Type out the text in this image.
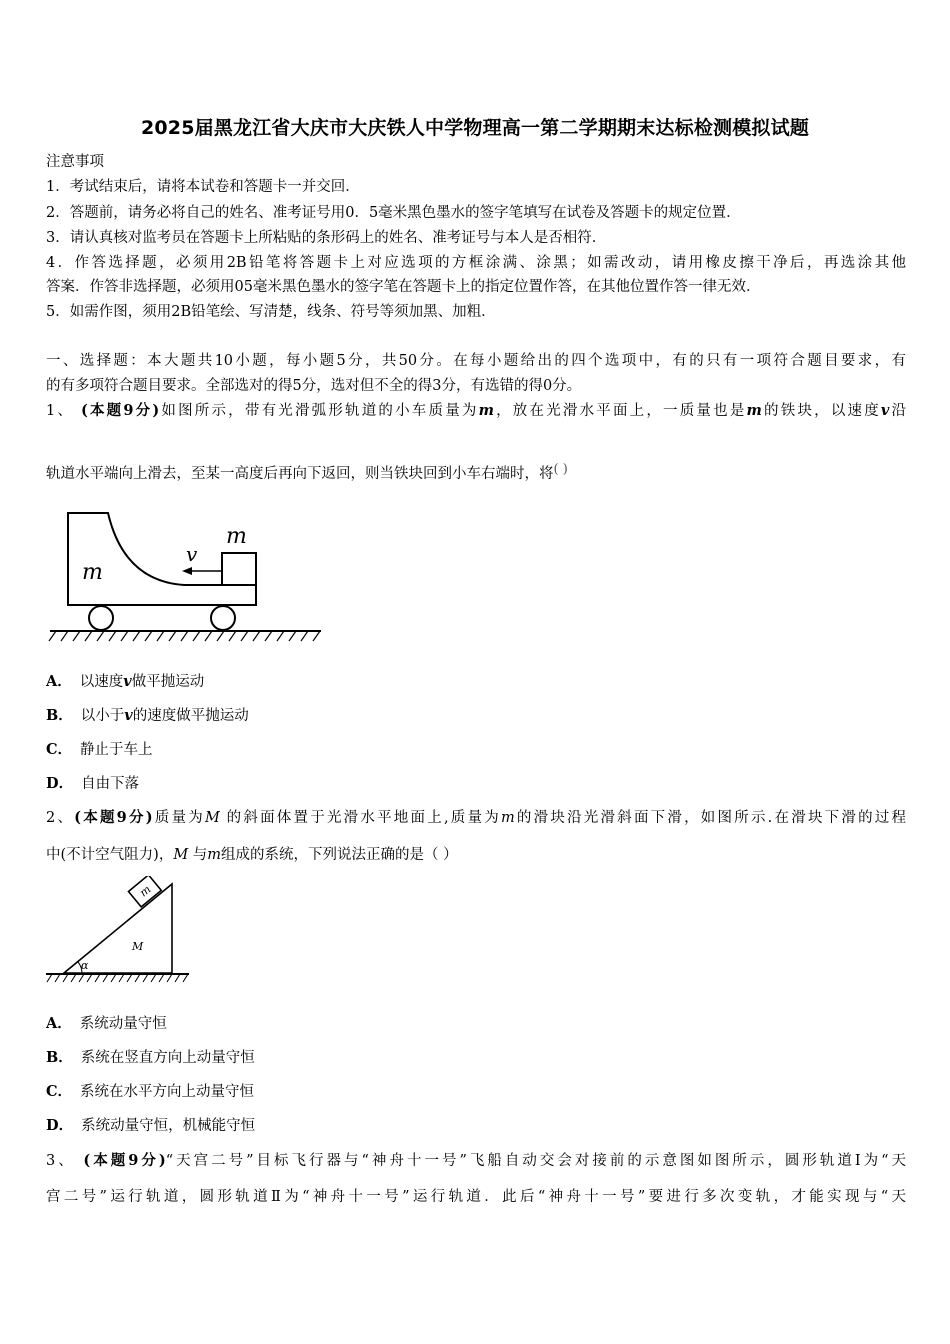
2025届黑龙江省大庆市大庆铁人中学物理高一第二学期期末达标检测模拟试题
注意事项
1．考试结束后，请将本试卷和答题卡一并交回．
2．答题前，请务必将自己的姓名、准考证号用0．5毫米黑色墨水的签字笔填写在试卷及答题卡的规定位置．
3．请认真核对监考员在答题卡上所粘贴的条形码上的姓名、准考证号与本人是否相符．
4．作答选择题，必须用2B铅笔将答题卡上对应选项的方框涂满、涂黑；如需改动，请用橡皮擦干净后，再选涂其他
答案．作答非选择题，必须用05毫米黑色墨水的签字笔在答题卡上的指定位置作答，在其他位置作答一律无效．
5．如需作图，须用2B铅笔绘、写清楚，线条、符号等须加黑、加粗．
一、选择题：本大题共10小题，每小题5分，共50分。在每小题给出的四个选项中，有的只有一项符合题目要求，有
的有多项符合题目要求。全部选对的得5分，选对但不全的得3分，有选错的得0分。
1、 (本题9分)如图所示，带有光滑弧形轨道的小车质量为m，放在光滑水平面上，一质量也是m的铁块，以速度v沿
轨道水平端向上滑去，至某一高度后再向下返回，则当铁块回到小车右端时，将( )
m
m
v
A． 以速度v做平抛运动
B． 以小于v的速度做平抛运动
C． 静止于车上
D． 自由下落
2、(本题9分)质量为M 的斜面体置于光滑水平地面上,质量为m的滑块沿光滑斜面下滑，如图所示.在滑块下滑的过程
中(不计空气阻力)，M 与m组成的系统，下列说法正确的是（ ）
m
M
α
A． 系统动量守恒
B． 系统在竖直方向上动量守恒
C． 系统在水平方向上动量守恒
D． 系统动量守恒，机械能守恒
3、 (本题9分)“天宫二号”目标飞行器与“神舟十一号”飞船自动交会对接前的示意图如图所示，圆形轨道Ⅰ为“天
宫二号”运行轨道，圆形轨道Ⅱ为“神舟十一号”运行轨道．此后“神舟十一号”要进行多次变轨，才能实现与“天
